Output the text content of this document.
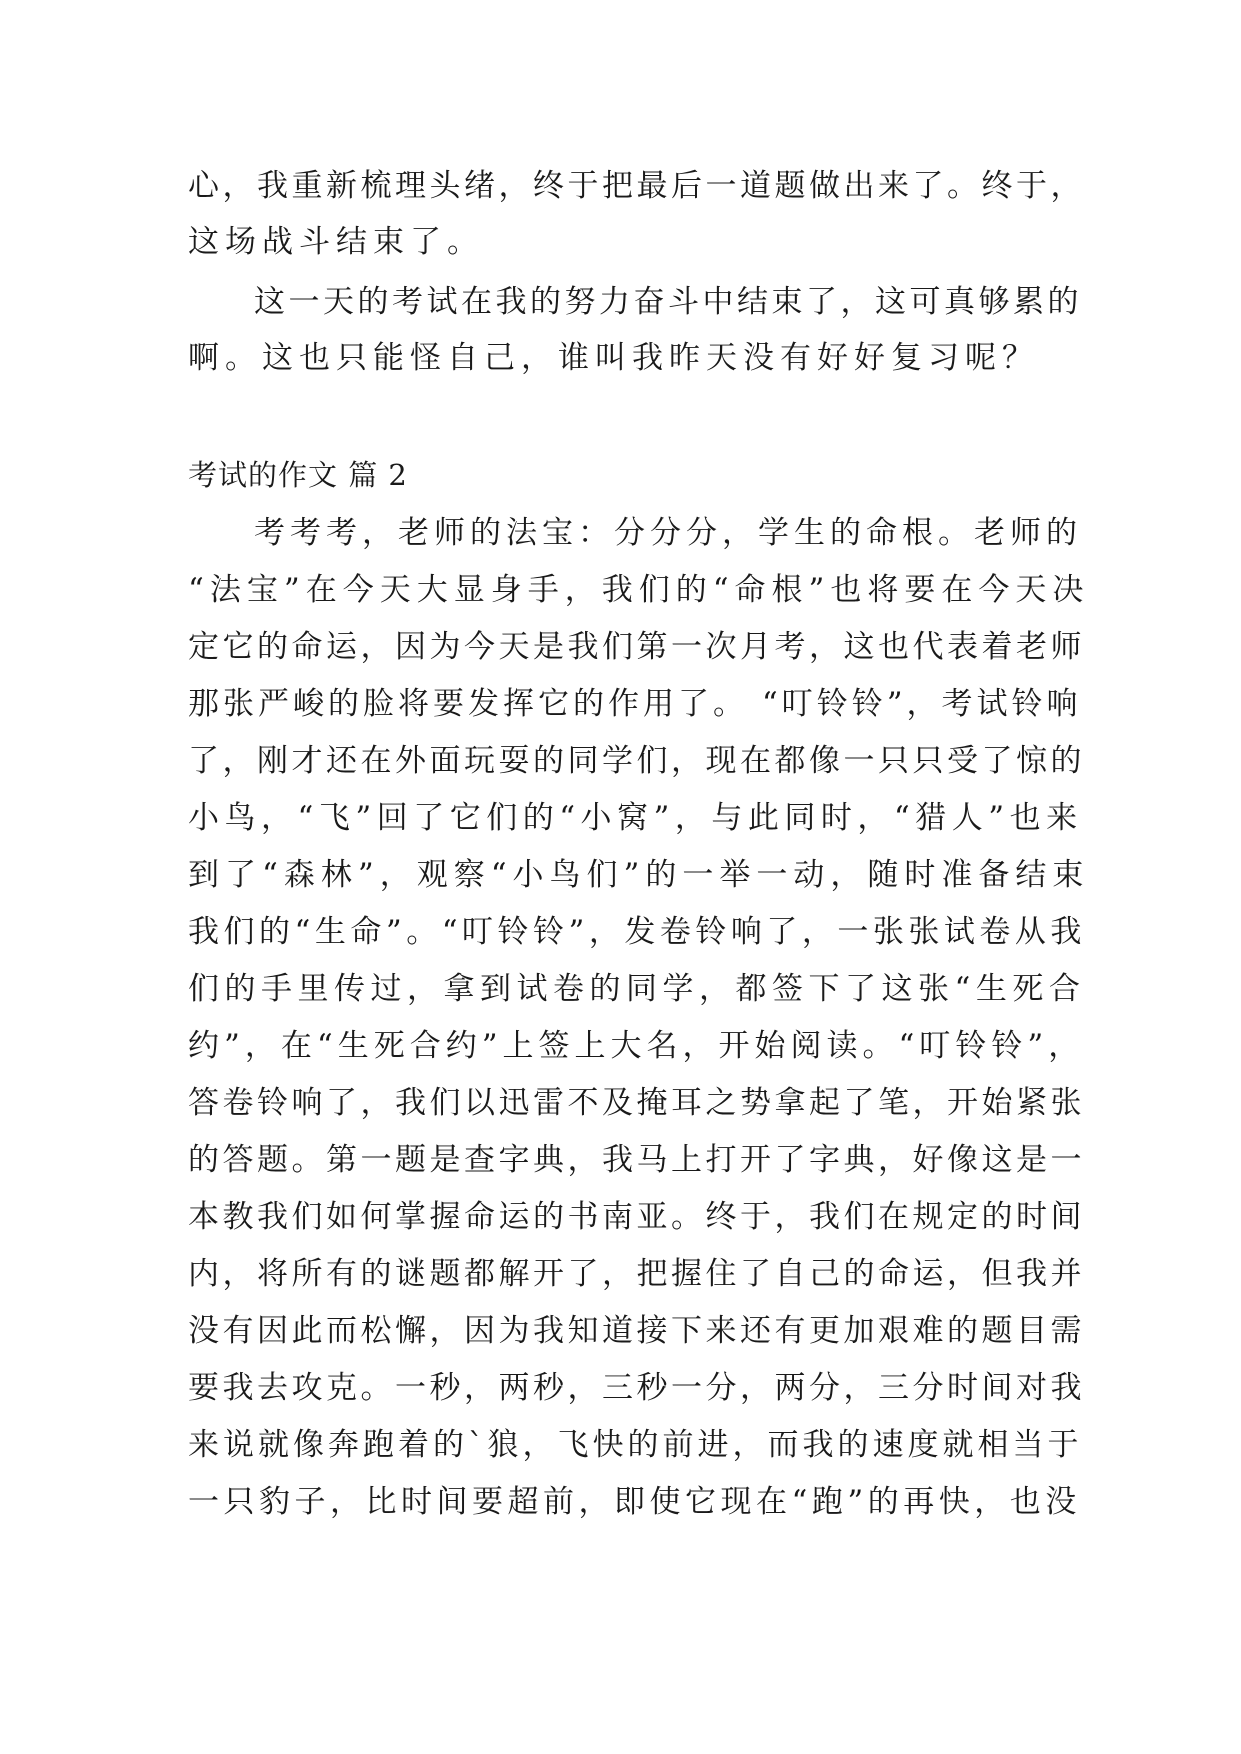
心，我重新梳理头绪，终于把最后一道题做出来了。终于，
这场战斗结束了。
这一天的考试在我的努力奋斗中结束了，这可真够累的
啊。这也只能怪自己，谁叫我昨天没有好好复习呢？
考试的作文 篇 2
考考考，老师的法宝：分分分，学生的命根。老师的
“法宝”在今天大显身手，我们的“命根”也将要在今天决
定它的命运，因为今天是我们第一次月考，这也代表着老师
那张严峻的脸将要发挥它的作用了。 “叮铃铃”，考试铃响
了，刚才还在外面玩耍的同学们，现在都像一只只受了惊的
小鸟，“飞”回了它们的“小窝”，与此同时，“猎人”也来
到了“森林”，观察“小鸟们”的一举一动，随时准备结束
我们的“生命”。“叮铃铃”，发卷铃响了，一张张试卷从我
们的手里传过，拿到试卷的同学，都签下了这张“生死合
约”，在“生死合约”上签上大名，开始阅读。“叮铃铃”，
答卷铃响了，我们以迅雷不及掩耳之势拿起了笔，开始紧张
的答题。第一题是查字典，我马上打开了字典，好像这是一
本教我们如何掌握命运的书南亚。终于，我们在规定的时间
内，将所有的谜题都解开了，把握住了自己的命运，但我并
没有因此而松懈，因为我知道接下来还有更加艰难的题目需
要我去攻克。一秒，两秒，三秒一分，两分，三分时间对我
来说就像奔跑着的`狼，飞快的前进，而我的速度就相当于
一只豹子，比时间要超前，即使它现在“跑”的再快，也没
